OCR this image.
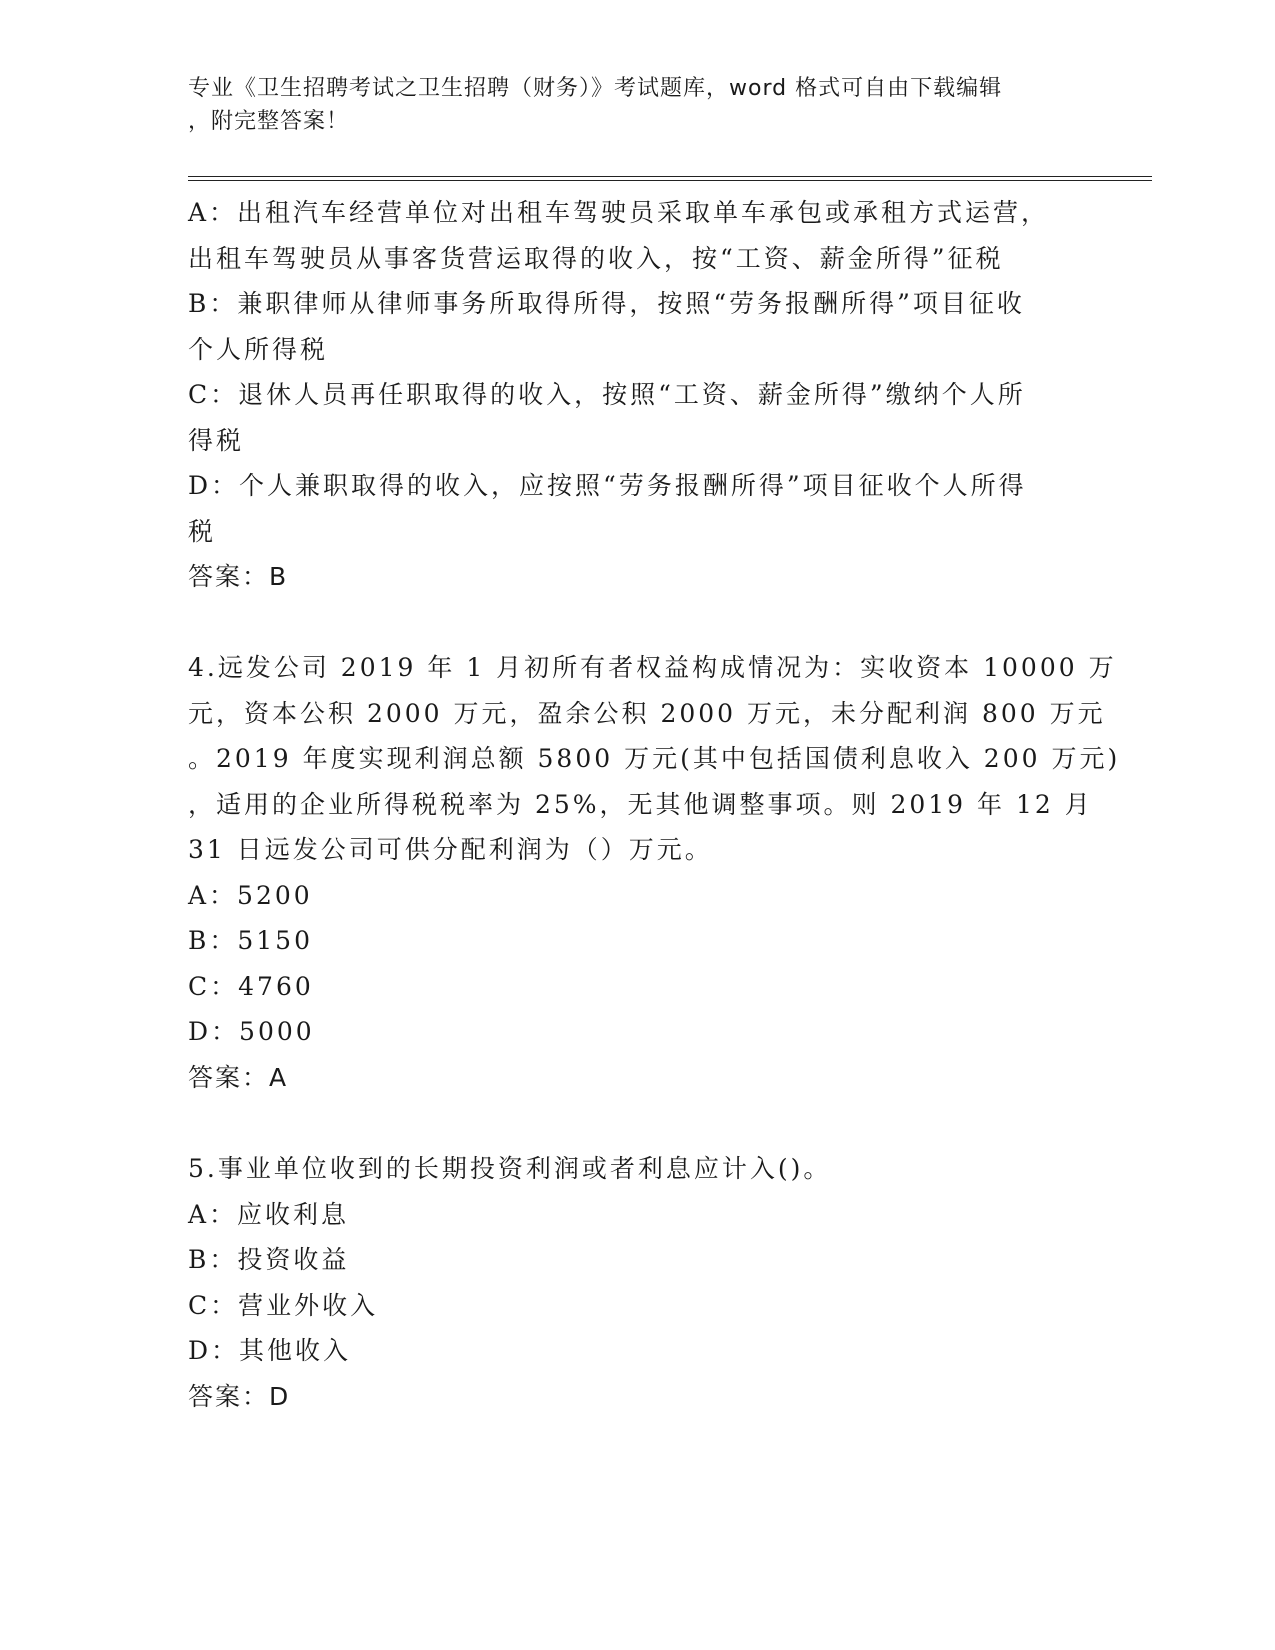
专业《卫生招聘考试之卫生招聘（财务）》考试题库，word 格式可自由下载编辑
，附完整答案！
A：出租汽车经营单位对出租车驾驶员采取单车承包或承租方式运营，
出租车驾驶员从事客货营运取得的收入，按“工资、薪金所得”征税
B：兼职律师从律师事务所取得所得，按照“劳务报酬所得”项目征收
个人所得税
C：退休人员再任职取得的收入，按照“工资、薪金所得”缴纳个人所
得税
D：个人兼职取得的收入，应按照“劳务报酬所得”项目征收个人所得
税
答案：B
4.远发公司 2019 年 1 月初所有者权益构成情况为：实收资本 10000 万
元，资本公积 2000 万元，盈余公积 2000 万元，未分配利润 800 万元
。2019 年度实现利润总额 5800 万元(其中包括国债利息收入 200 万元)
，适用的企业所得税税率为 25%，无其他调整事项。则 2019 年 12 月
31 日远发公司可供分配利润为（）万元。
A：5200
B：5150
C：4760
D：5000
答案：A
5.事业单位收到的长期投资利润或者利息应计入()。
A：应收利息
B：投资收益
C：营业外收入
D：其他收入
答案：D
